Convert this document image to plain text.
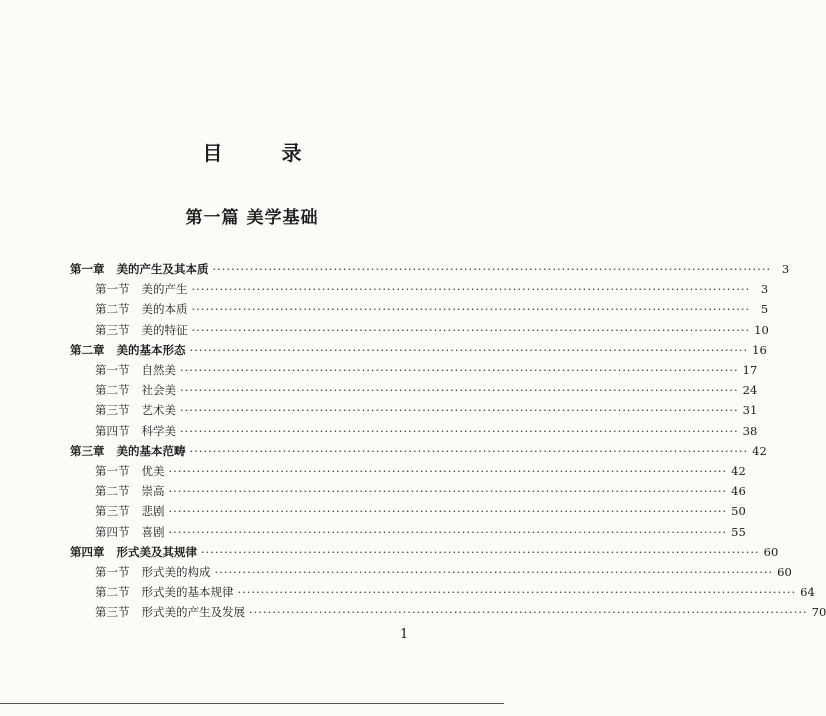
目 录
第一篇 美学基础
第一章 美的产生及其本质 ························································································································ 3
第一节 美的产生 ························································································································ 3
第二节 美的本质 ························································································································ 5
第三节 美的特征 ························································································································ 10
第二章 美的基本形态 ························································································································ 16
第一节 自然美 ························································································································ 17
第二节 社会美 ························································································································ 24
第三节 艺术美 ························································································································ 31
第四节 科学美 ························································································································ 38
第三章 美的基本范畴 ························································································································ 42
第一节 优美 ························································································································ 42
第二节 崇高 ························································································································ 46
第三节 悲剧 ························································································································ 50
第四节 喜剧 ························································································································ 55
第四章 形式美及其规律 ························································································································ 60
第一节 形式美的构成 ························································································································ 60
第二节 形式美的基本规律 ························································································································ 64
第三节 形式美的产生及发展 ························································································································ 70
1
